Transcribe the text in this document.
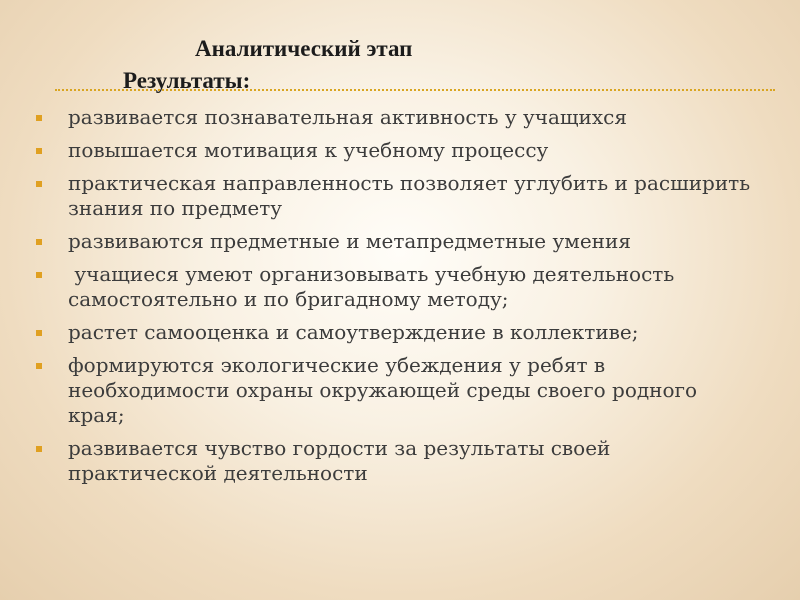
Аналитический этап
Результаты:
развивается познавательная активность у учащихся
повышается мотивация к учебному процессу
практическая направленность позволяет углубить и расширить знания по предмету
развиваются предметные и метапредметные умения
учащиеся умеют организовывать учебную деятельность самостоятельно и по бригадному методу;
растет самооценка и самоутверждение в коллективе;
формируются экологические убеждения у ребят в необходимости охраны окружающей среды своего родного края;
развивается чувство гордости за результаты своей практической деятельности
